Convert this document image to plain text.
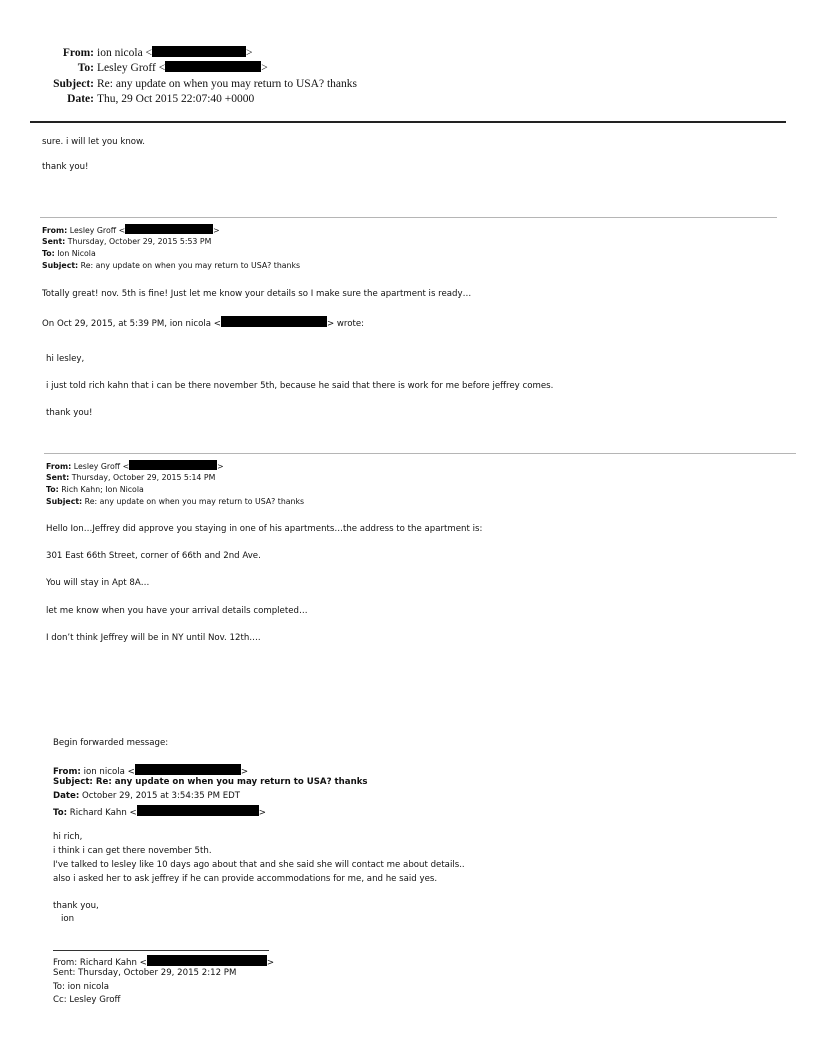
From: ion nicola <	>
To: Lesley Groff <	>
Subject: Re: any update on when you may return to USA? thanks
Date: Thu, 29 Oct 2015 22:07:40 +0000
sure. i will let you know.
thank you!
From: Lesley Groff <	>
Sent: Thursday, October 29, 2015 5:53 PM
To: Ion Nicola
Subject: Re: any update on when you may return to USA? thanks
Totally great! nov. 5th is fine! Just let me know your details so I make sure the apartment is ready…
On Oct 29, 2015, at 5:39 PM, ion nicola <	> wrote:
hi lesley,
i just told rich kahn that i can be there november 5th, because he said that there is work for me before jeffrey comes.
thank you!
From: Lesley Groff <	>
Sent: Thursday, October 29, 2015 5:14 PM
To: Rich Kahn; Ion Nicola
Subject: Re: any update on when you may return to USA? thanks
Hello Ion…Jeffrey did approve you staying in one of his apartments…the address to the apartment is:
301 East 66th Street, corner of 66th and 2nd Ave.
You will stay in Apt 8A…
let me know when you have your arrival details completed…
I don’t think Jeffrey will be in NY until Nov. 12th….
Begin forwarded message:
From: ion nicola <	>
Subject: Re: any update on when you may return to USA? thanks
Date: October 29, 2015 at 3:54:35 PM EDT
To: Richard Kahn <	>
hi rich,
i think i can get there november 5th.
I've talked to lesley like 10 days ago about that and she said she will contact me about details..
also i asked her to ask jeffrey if he can provide accommodations for me, and he said yes.
thank you,
ion
From: Richard Kahn <	>
Sent: Thursday, October 29, 2015 2:12 PM
To: ion nicola
Cc: Lesley Groff
